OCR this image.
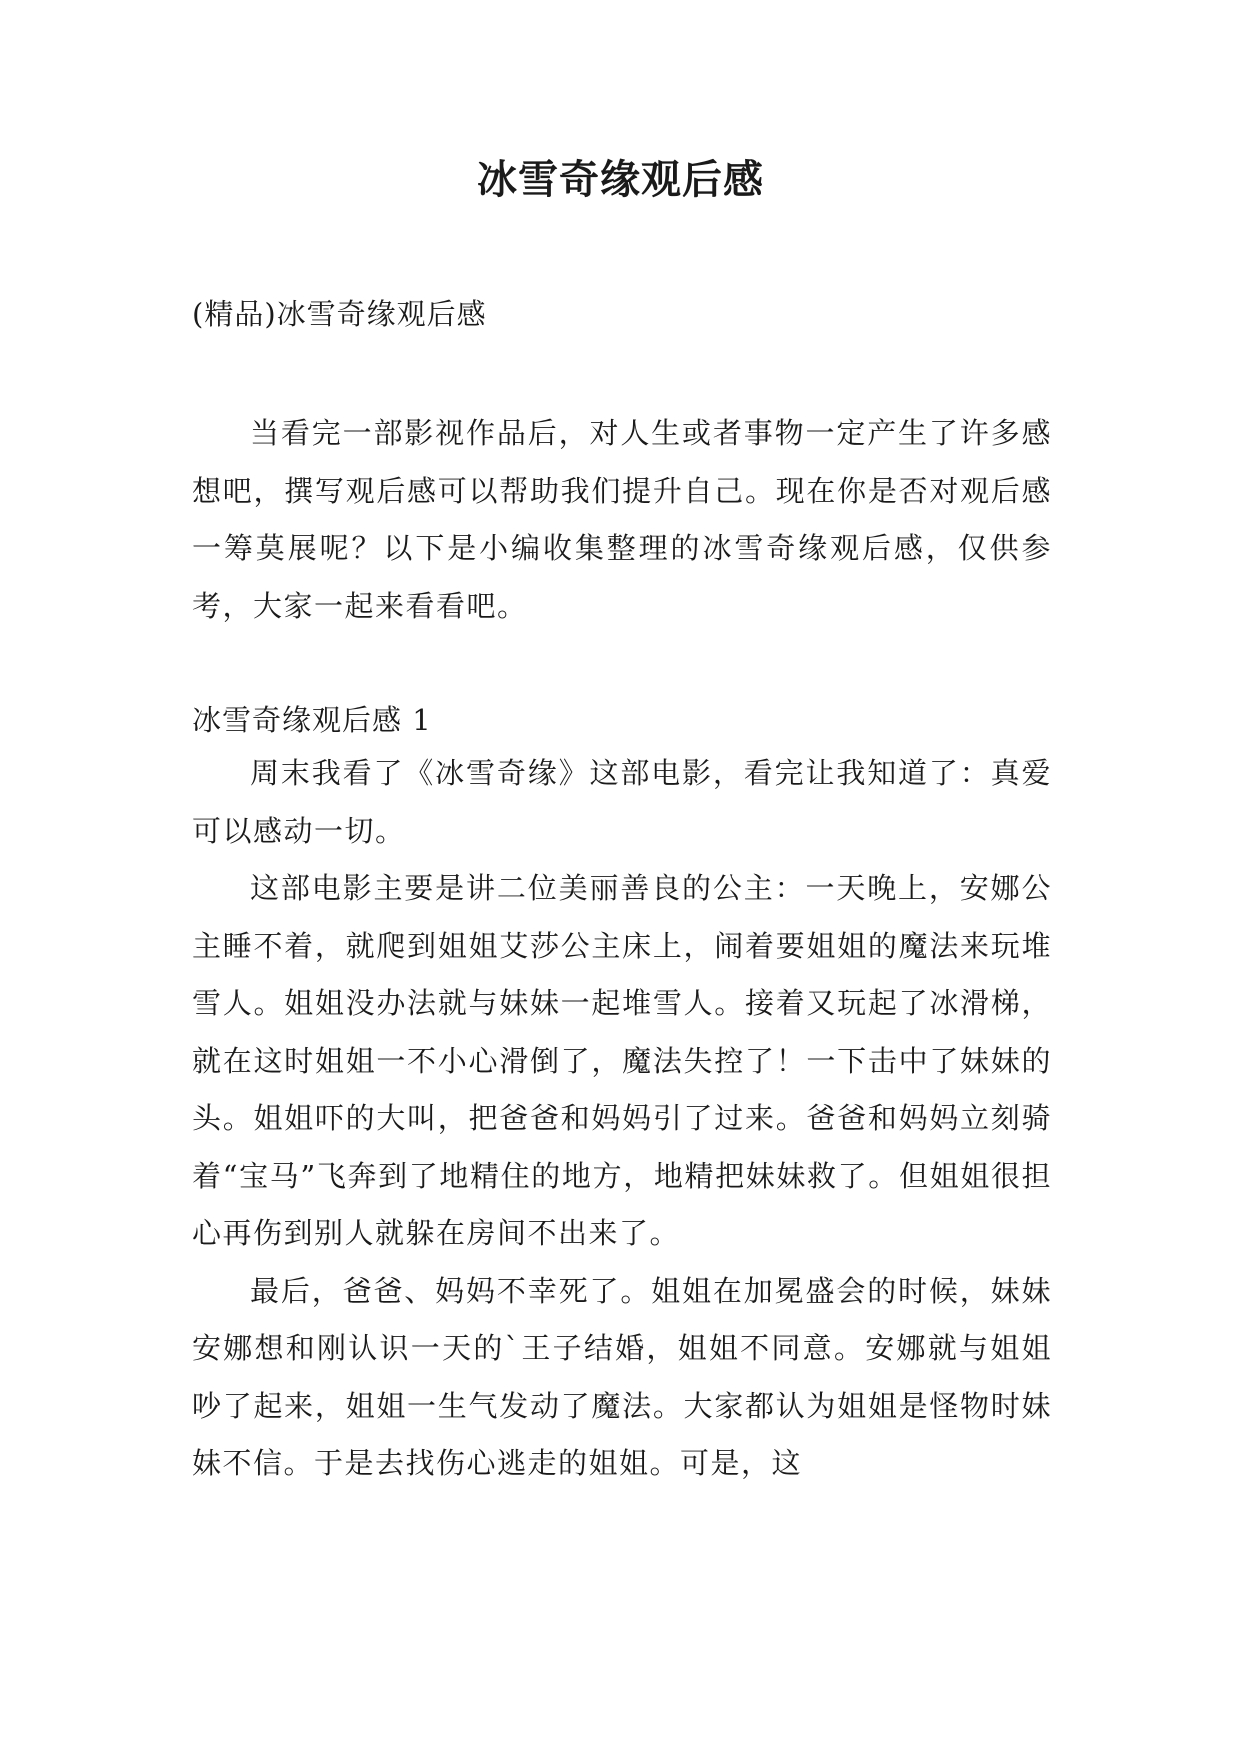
冰雪奇缘观后感

(精品)冰雪奇缘观后感

当看完一部影视作品后，对人生或者事物一定产生了许多感想吧，撰写观后感可以帮助我们提升自己。现在你是否对观后感一筹莫展呢？以下是小编收集整理的冰雪奇缘观后感，仅供参考，大家一起来看看吧。

冰雪奇缘观后感 1

周末我看了《冰雪奇缘》这部电影，看完让我知道了：真爱可以感动一切。

这部电影主要是讲二位美丽善良的公主：一天晚上，安娜公主睡不着，就爬到姐姐艾莎公主床上，闹着要姐姐的魔法来玩堆雪人。姐姐没办法就与妹妹一起堆雪人。接着又玩起了冰滑梯，就在这时姐姐一不小心滑倒了，魔法失控了！一下击中了妹妹的头。姐姐吓的大叫，把爸爸和妈妈引了过来。爸爸和妈妈立刻骑着“宝马”飞奔到了地精住的地方，地精把妹妹救了。但姐姐很担心再伤到别人就躲在房间不出来了。

最后，爸爸、妈妈不幸死了。姐姐在加冕盛会的时候，妹妹安娜想和刚认识一天的`王子结婚，姐姐不同意。安娜就与姐姐吵了起来，姐姐一生气发动了魔法。大家都认为姐姐是怪物时妹妹不信。于是去找伤心逃走的姐姐。可是，这
